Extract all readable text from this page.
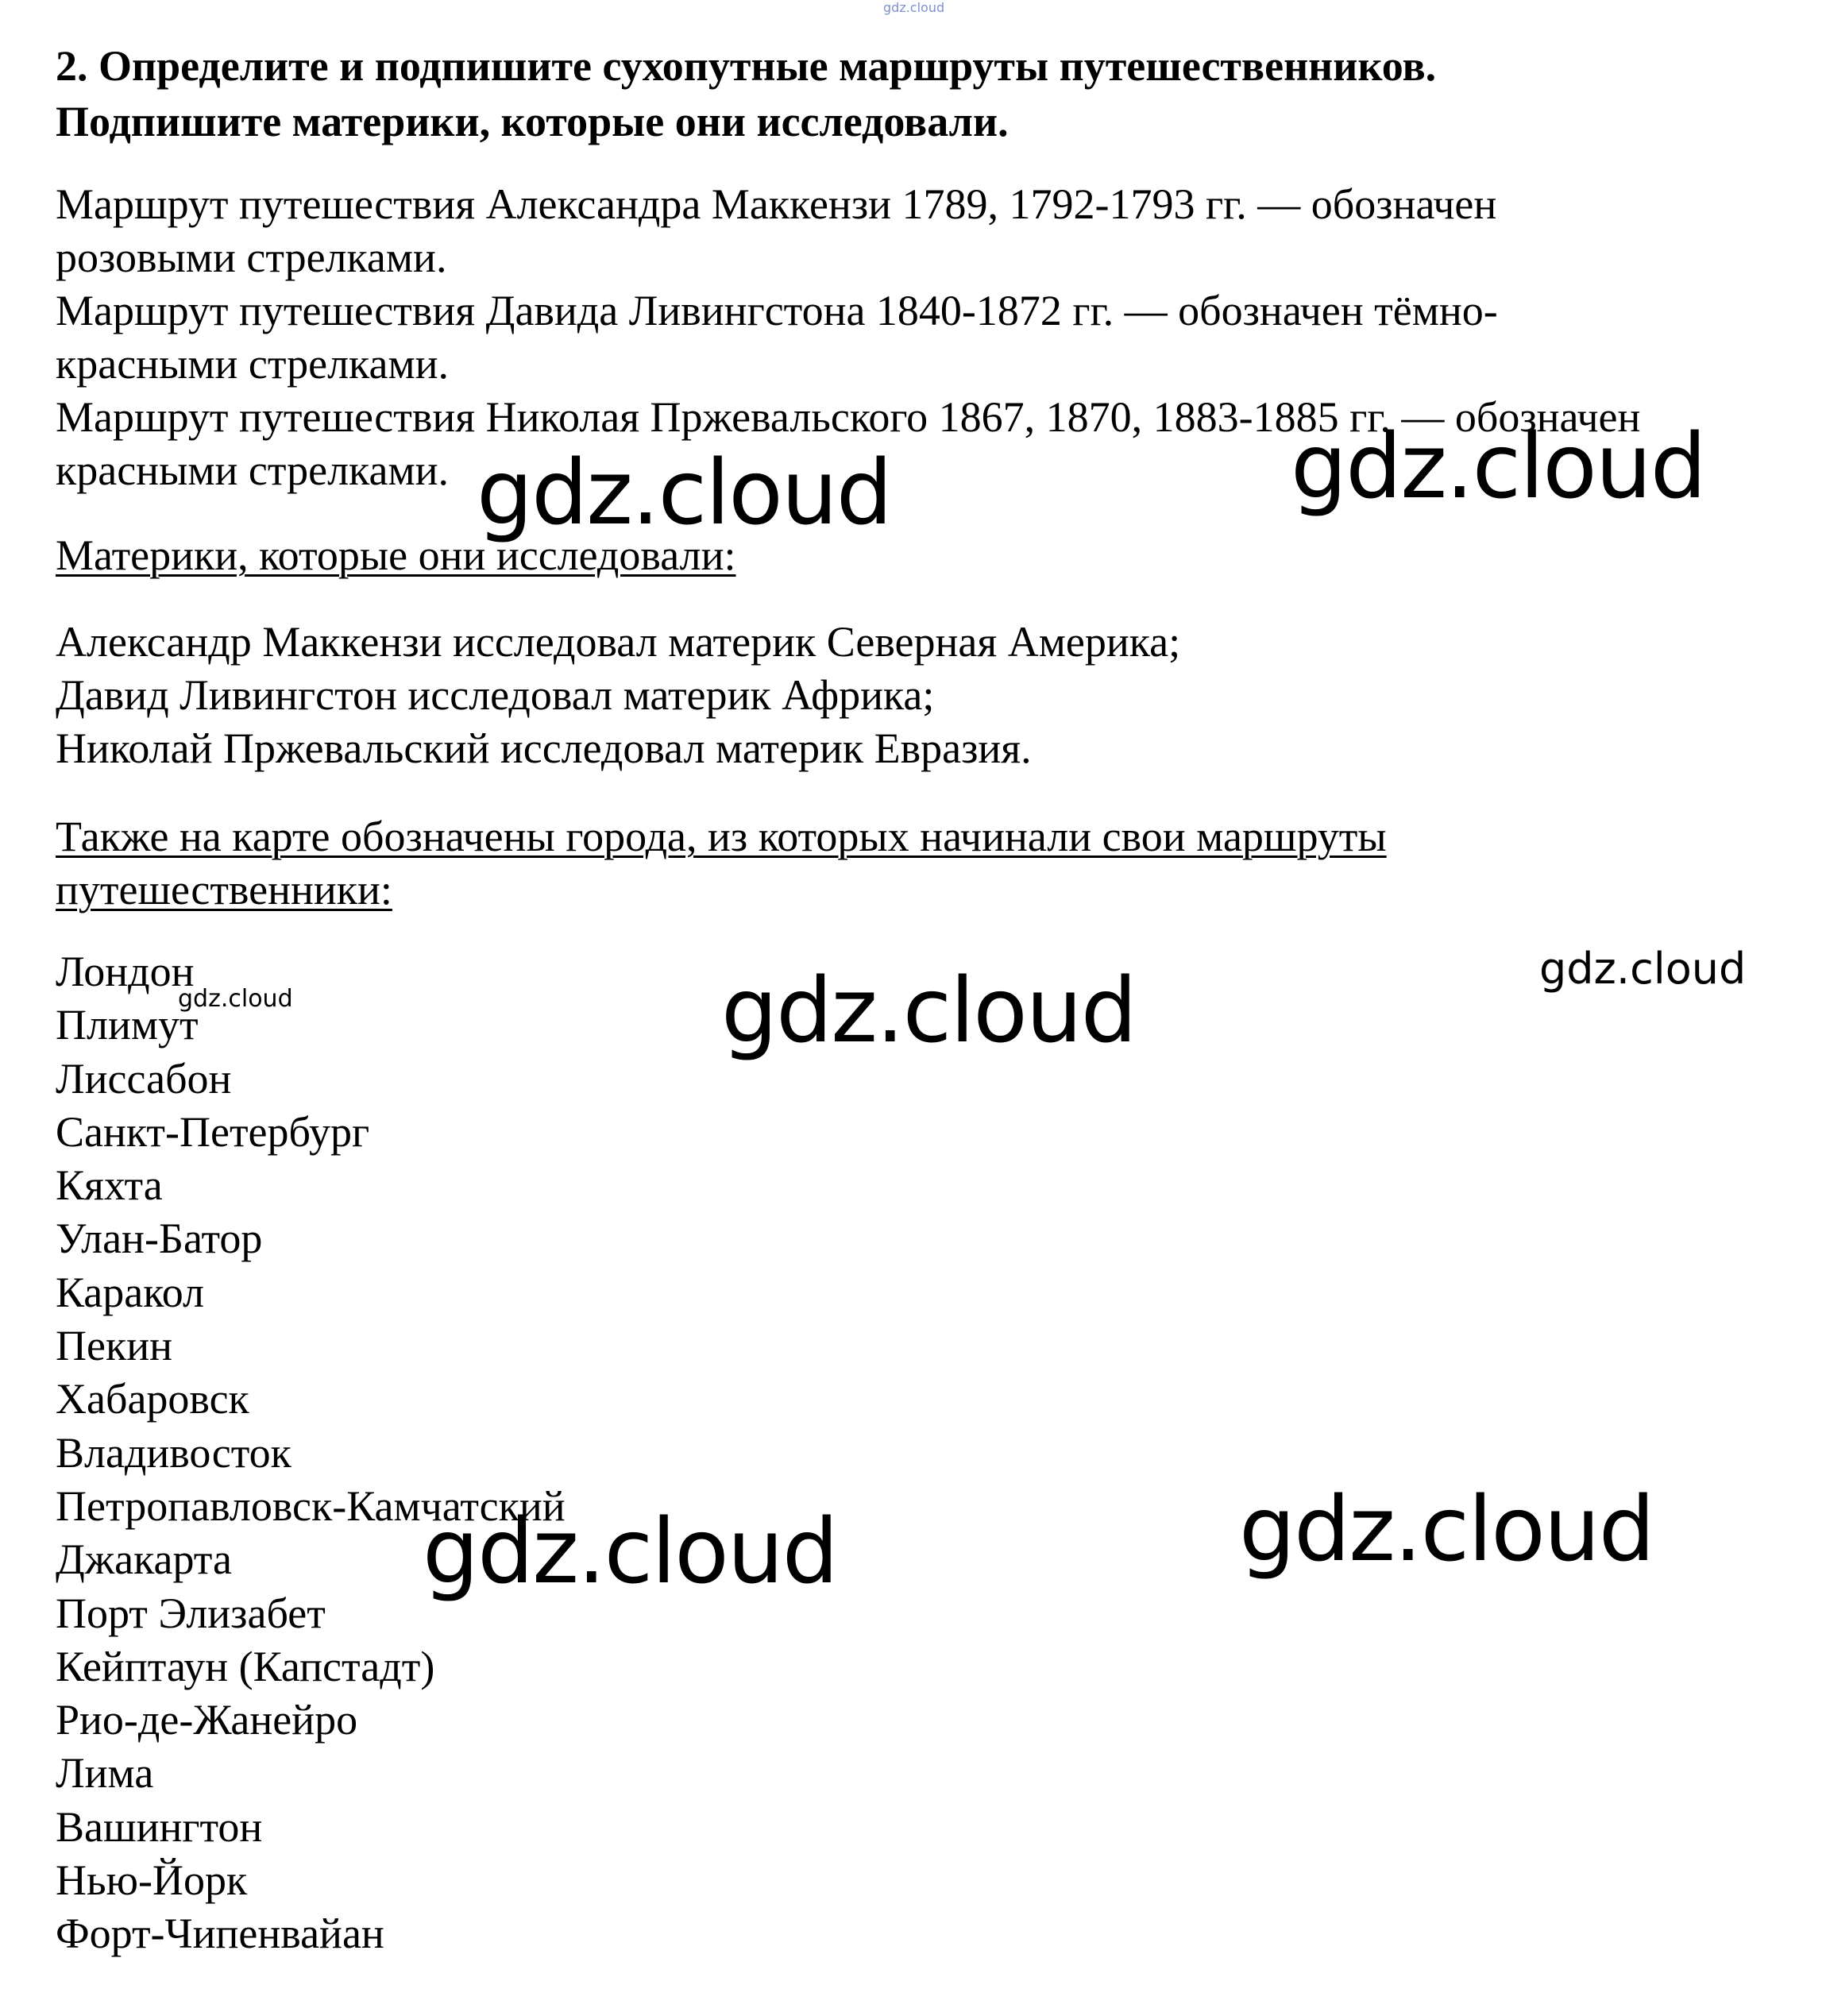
gdz.cloud
2. Определите и подпишите сухопутные маршруты путешественников.
Подпишите материки, которые они исследовали.
Маршрут путешествия Александра Маккензи 1789, 1792-1793 гг. — обозначен
розовыми стрелками.
Маршрут путешествия Давида Ливингстона 1840-1872 гг. — обозначен тёмно-
красными стрелками.
Маршрут путешествия Николая Пржевальского 1867, 1870, 1883-1885 гг. — обозначен
красными стрелками.
Материки, которые они исследовали:
Александр Маккензи исследовал материк Северная Америка;
Давид Ливингстон исследовал материк Африка;
Николай Пржевальский исследовал материк Евразия.
Также на карте обозначены города, из которых начинали свои маршруты путешественники:
Лондон
Плимут
Лиссабон
Санкт-Петербург
Кяхта
Улан-Батор
Каракол
Пекин
Хабаровск
Владивосток
Петропавловск-Камчатский
Джакарта
Порт Элизабет
Кейптаун (Капстадт)
Рио-де-Жанейро
Лима
Вашингтон
Нью-Йорк
Форт-Чипенвайан
gdz.cloud	gdz.cloud
gdz.cloud
gdz.cloud	gdz.cloud
gdz.cloud
gdz.cloud
